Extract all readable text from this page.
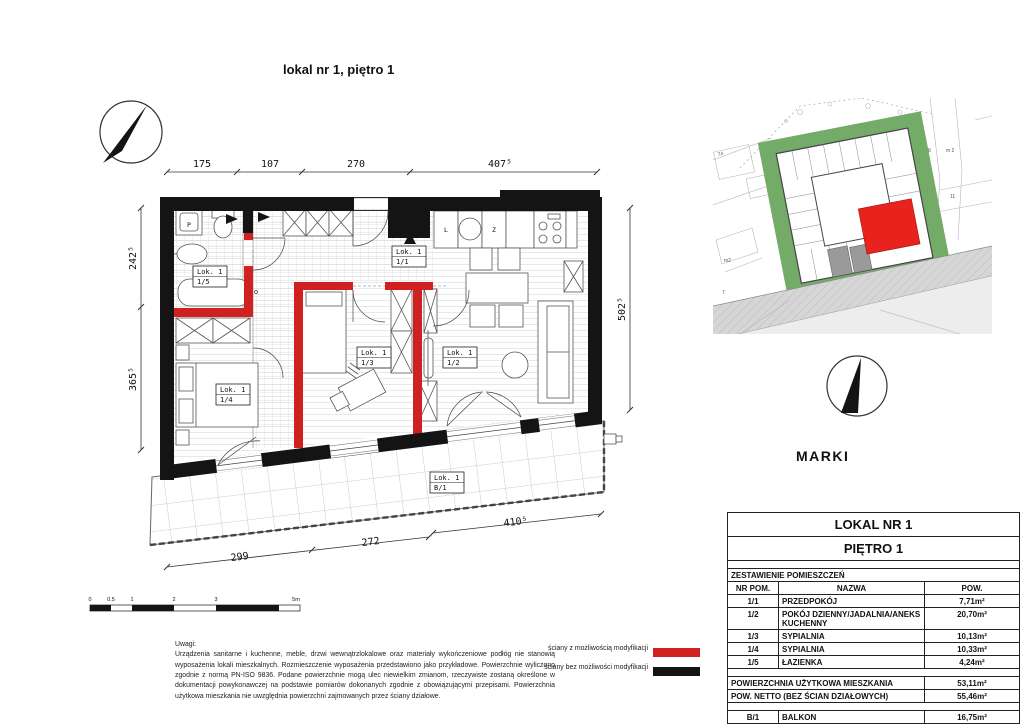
lokal nr 1, piętro 1
P
L	Z
Lok. 1
1/5
Lok. 1
1/1
Lok. 1
1/4
Lok. 1
1/3
Lok. 1
1/2
Lok. 1
B/1
175	107	270	407⁵
242⁵
365⁵
502⁵
299
272
410⁵
0	0.5	1	2	3	5m
74
m2
7
8	m 2
11
MARKI
LOKAL NR 1		
PIĘTRO 1		

ZESTAWIENIE POMIESZCZEŃ		
NR POM.	NAZWA	POW.
1/1	PRZEDPOKÓJ	7,71m²
1/2	POKÓJ DZIENNY/JADALNIA/ANEKS KUCHENNY	20,70m²
1/3	SYPIALNIA	10,13m²
1/4	SYPIALNIA	10,33m²
1/5	ŁAZIENKA	4,24m²

POWIERZCHNIA UŻYTKOWA MIESZKANIA		53,11m²
POW. NETTO (BEZ ŚCIAN DZIAŁOWYCH)		55,46m²

B/1	BALKON	16,75m²
Uwagi:
Urządzenia sanitarne i kuchenne, meble, drzwi wewnątrzlokalowe oraz materiały wykończeniowe podłóg nie stanowią wyposażenia lokali mieszkalnych. Rozmieszczenie wyposażenia przedstawiono jako przykładowe. Powierzchnie wyliczono zgodnie z normą PN-ISO 9836. Podane powierzchnie mogą ulec niewielkim zmianom, rzeczywiste zostaną określone w dokumentacji powykonawczej na podstawie pomiarów dokonanych zgodnie z obowiązującymi przepisami. Powierzchnia użytkowa mieszkania nie uwzględnia powierzchni zajmowanych przez ściany działowe.
ściany z możliwością modyfikacji
ściany bez możliwości modyfikacji
